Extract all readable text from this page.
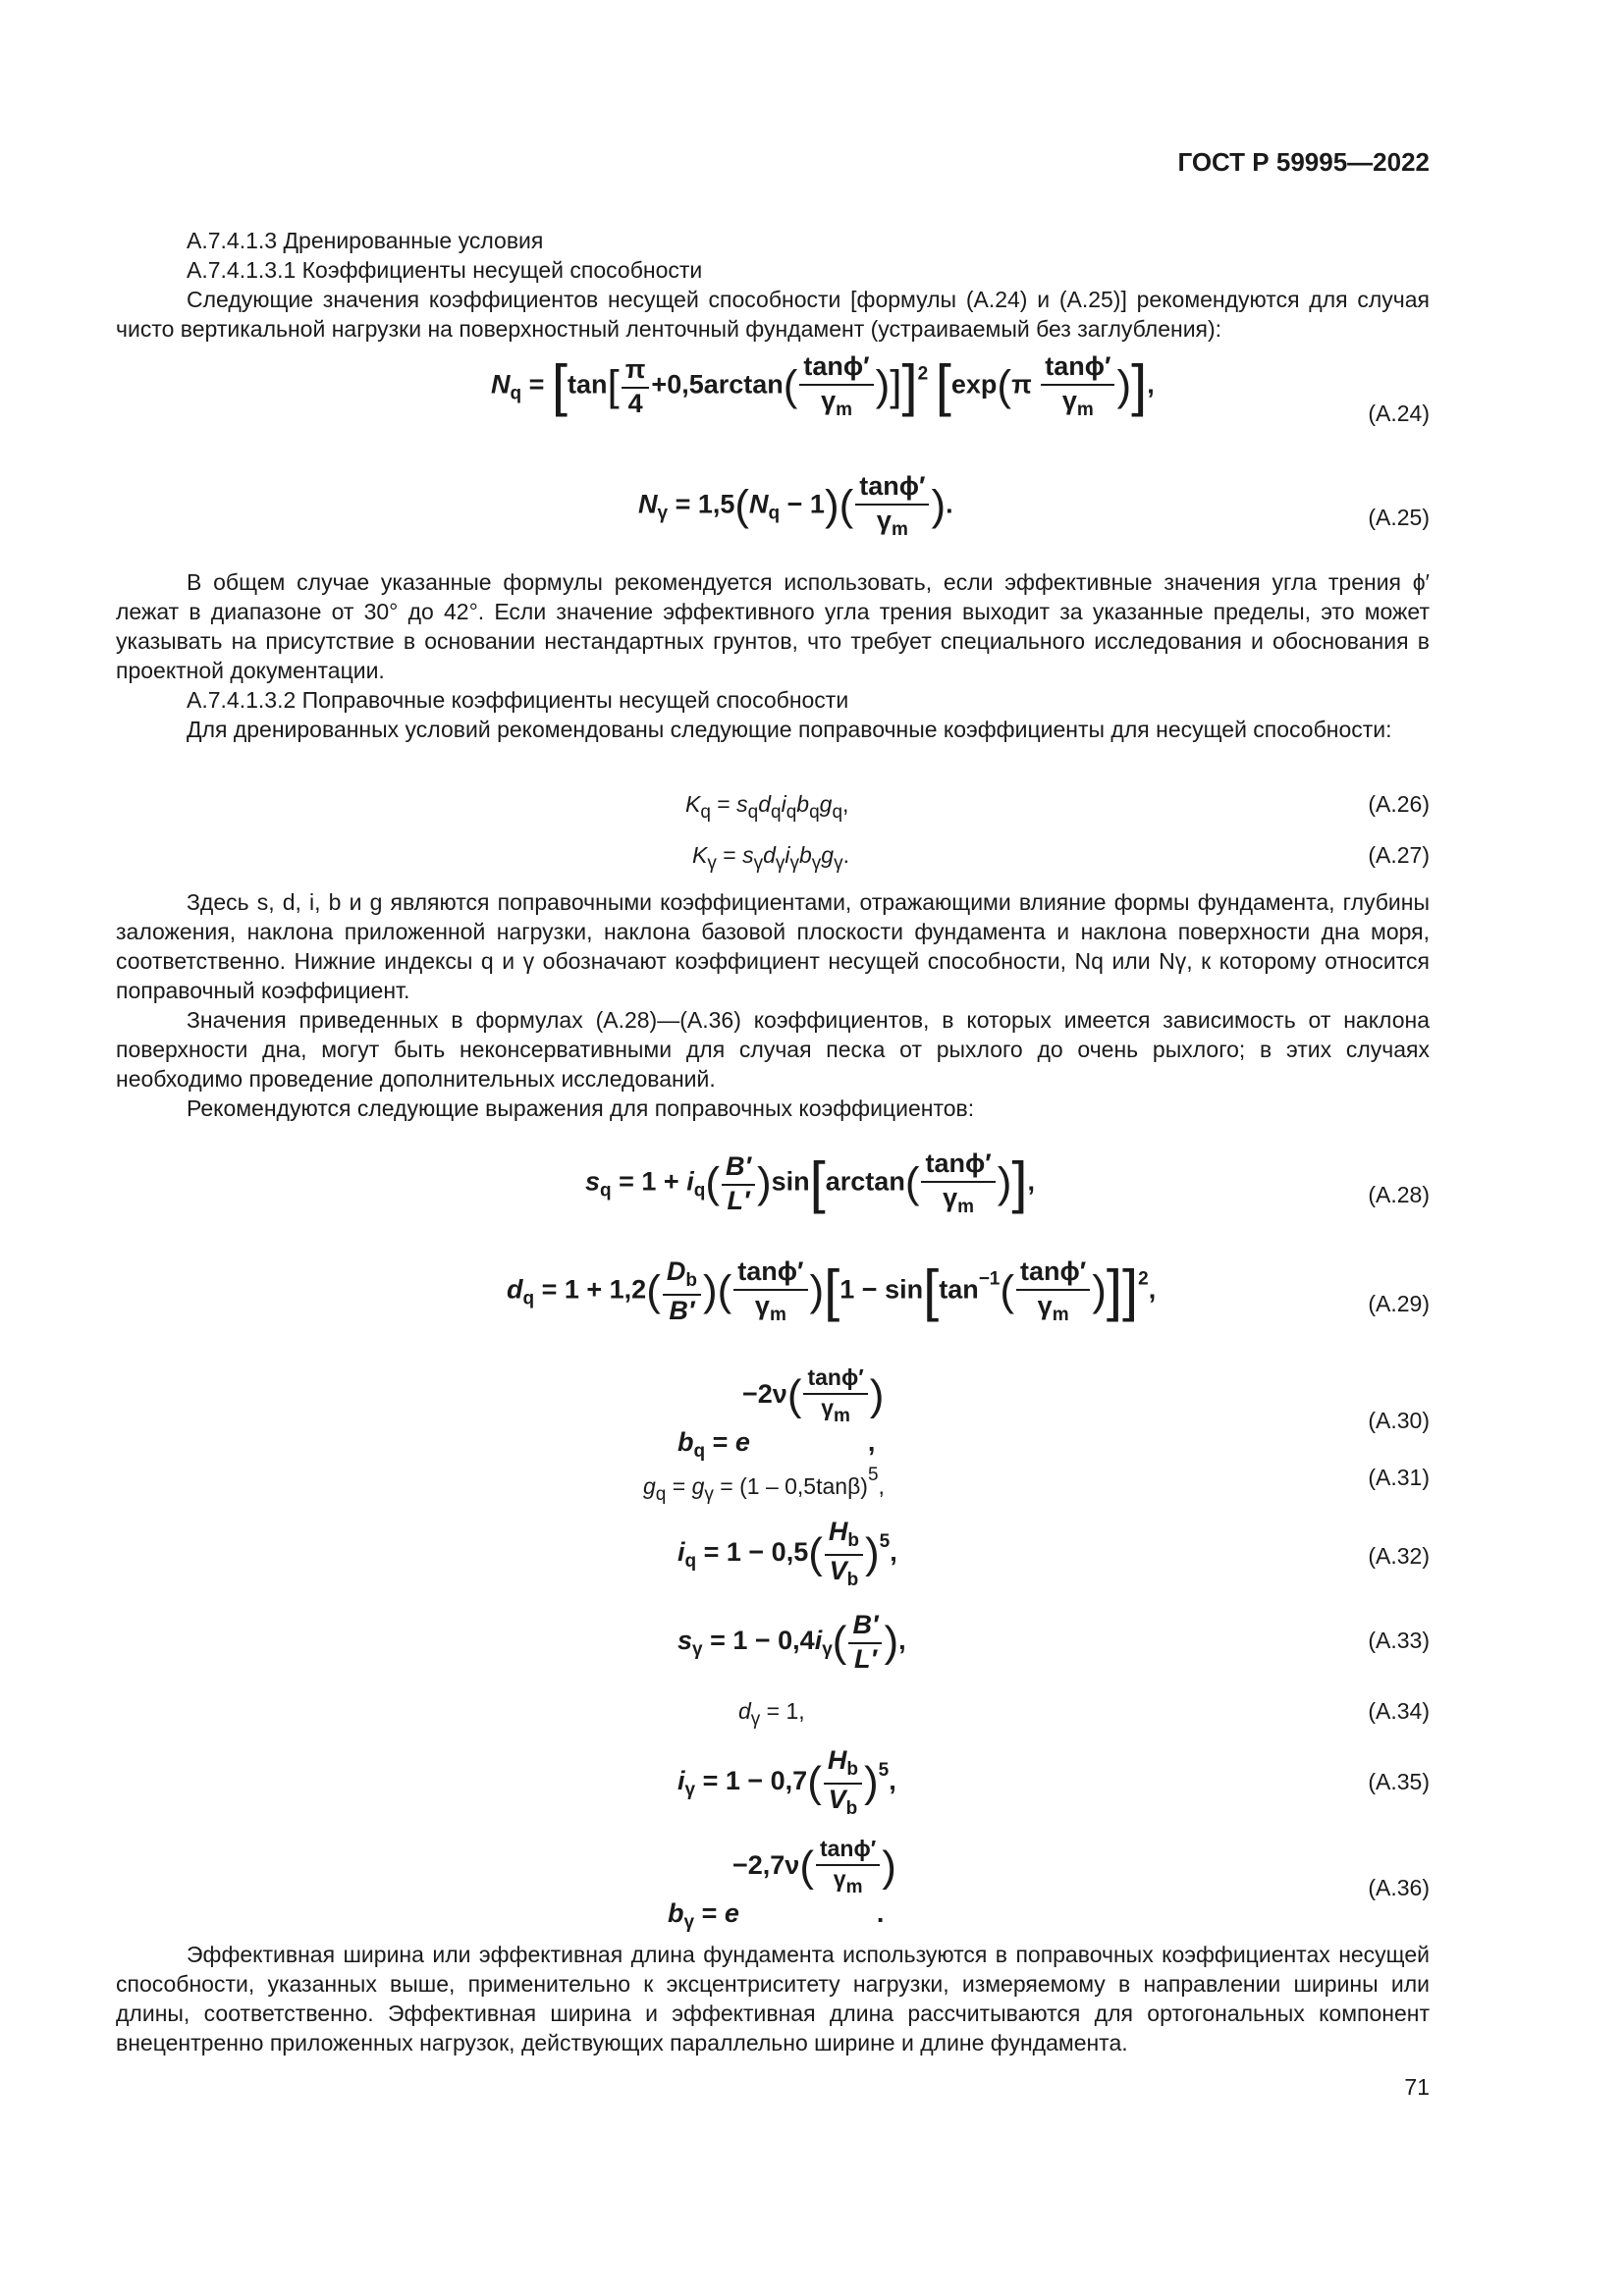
ГОСТ Р 59995—2022
А.7.4.1.3 Дренированные условия
А.7.4.1.3.1 Коэффициенты несущей способности
Следующие значения коэффициентов несущей способности [формулы (А.24) и (А.25)] рекомендуются для случая чисто вертикальной нагрузки на поверхностный ленточный фундамент (устраиваемый без заглубления):
$N_q = [\tan[ \frac{\pi}{4} +0,5\arctan( \frac{\tan\phi'}{\gamma_m} )]]^2$ [$\exp(\pi \frac{\tan\phi'}{\gamma_m}$ )],
(А.24)
$N_\gamma = 1,5(N_q - 1)( \frac{\tan\phi'}{\gamma_m}$ ).	(А.25)
В общем случае указанные формулы рекомендуется использовать, если эффективные значения угла трения ϕ′ лежат в диапазоне от 30° до 42°. Если значение эффективного угла трения выходит за указанные пределы, это может указывать на присутствие в основании нестандартных грунтов, что требует специального исследования и обоснования в проектной документации.
А.7.4.1.3.2 Поправочные коэффициенты несущей способности
Для дренированных условий рекомендованы следующие поправочные коэффициенты для несущей способности:
$K_q = s_qd_qi_qb_qg_q$,	(А.26)
$K_\gamma = s_\gamma d_\gamma i_\gamma b_\gamma g_\gamma$.	(А.27)
Здесь s, d, i, b и g являются поправочными коэффициентами, отражающими влияние формы фундамента, глубины заложения, наклона приложенной нагрузки, наклона базовой плоскости фундамента и наклона поверхности дна моря, соответственно. Нижние индексы q и γ обозначают коэффициент несущей способности, Nq или Nγ, к которому относится поправочный коэффициент.
Значения приведенных в формулах (А.28)—(А.36) коэффициентов, в которых имеется зависимость от наклона поверхности дна, могут быть неконсервативными для случая песка от рыхлого до очень рыхлого; в этих случаях необходимо проведение дополнительных исследований.
Рекомендуются следующие выражения для поправочных коэффициентов:
$s_q = 1 + i_q( \frac{B'}{L'} )\sin[\arctan( \frac{\tan\phi'}{\gamma_m}$ )],	(А.28)
$d_q = 1 + 1,2( \frac{D_b}{B'}$ )( $\frac{\tan\phi'}{\gamma_m} )[1 - \sin[\tan^{-1}( \frac{\tan\phi'}{\gamma_m} )]]^2$,	(А.29)
$-2\nu( \frac{\tan\phi'}{\gamma_m}$ )
$b_q = e$	,
(А.30)
$g_q = g_\gamma = (1 - 0,5\tan\beta)^5$,	(А.31)
$i_q = 1 - 0,5( \frac{H_b}{V_b} )^5$,	(А.32)
$s_\gamma = 1 - 0,4i_\gamma( \frac{B'}{L'}$ ),	(А.33)
$d_\gamma = 1$,	(А.34)
$i_\gamma = 1 - 0,7( \frac{H_b}{V_b} )^5$,	(А.35)
$-2,7\nu( \frac{\tan\phi'}{\gamma_m}$ )
$b_\gamma = e$	.
(А.36)
Эффективная ширина или эффективная длина фундамента используются в поправочных коэффициентах несущей способности, указанных выше, применительно к эксцентриситету нагрузки, измеряемому в направлении ширины или длины, соответственно. Эффективная ширина и эффективная длина рассчитываются для ортогональных компонент внецентренно приложенных нагрузок, действующих параллельно ширине и длине фундамента.
71
